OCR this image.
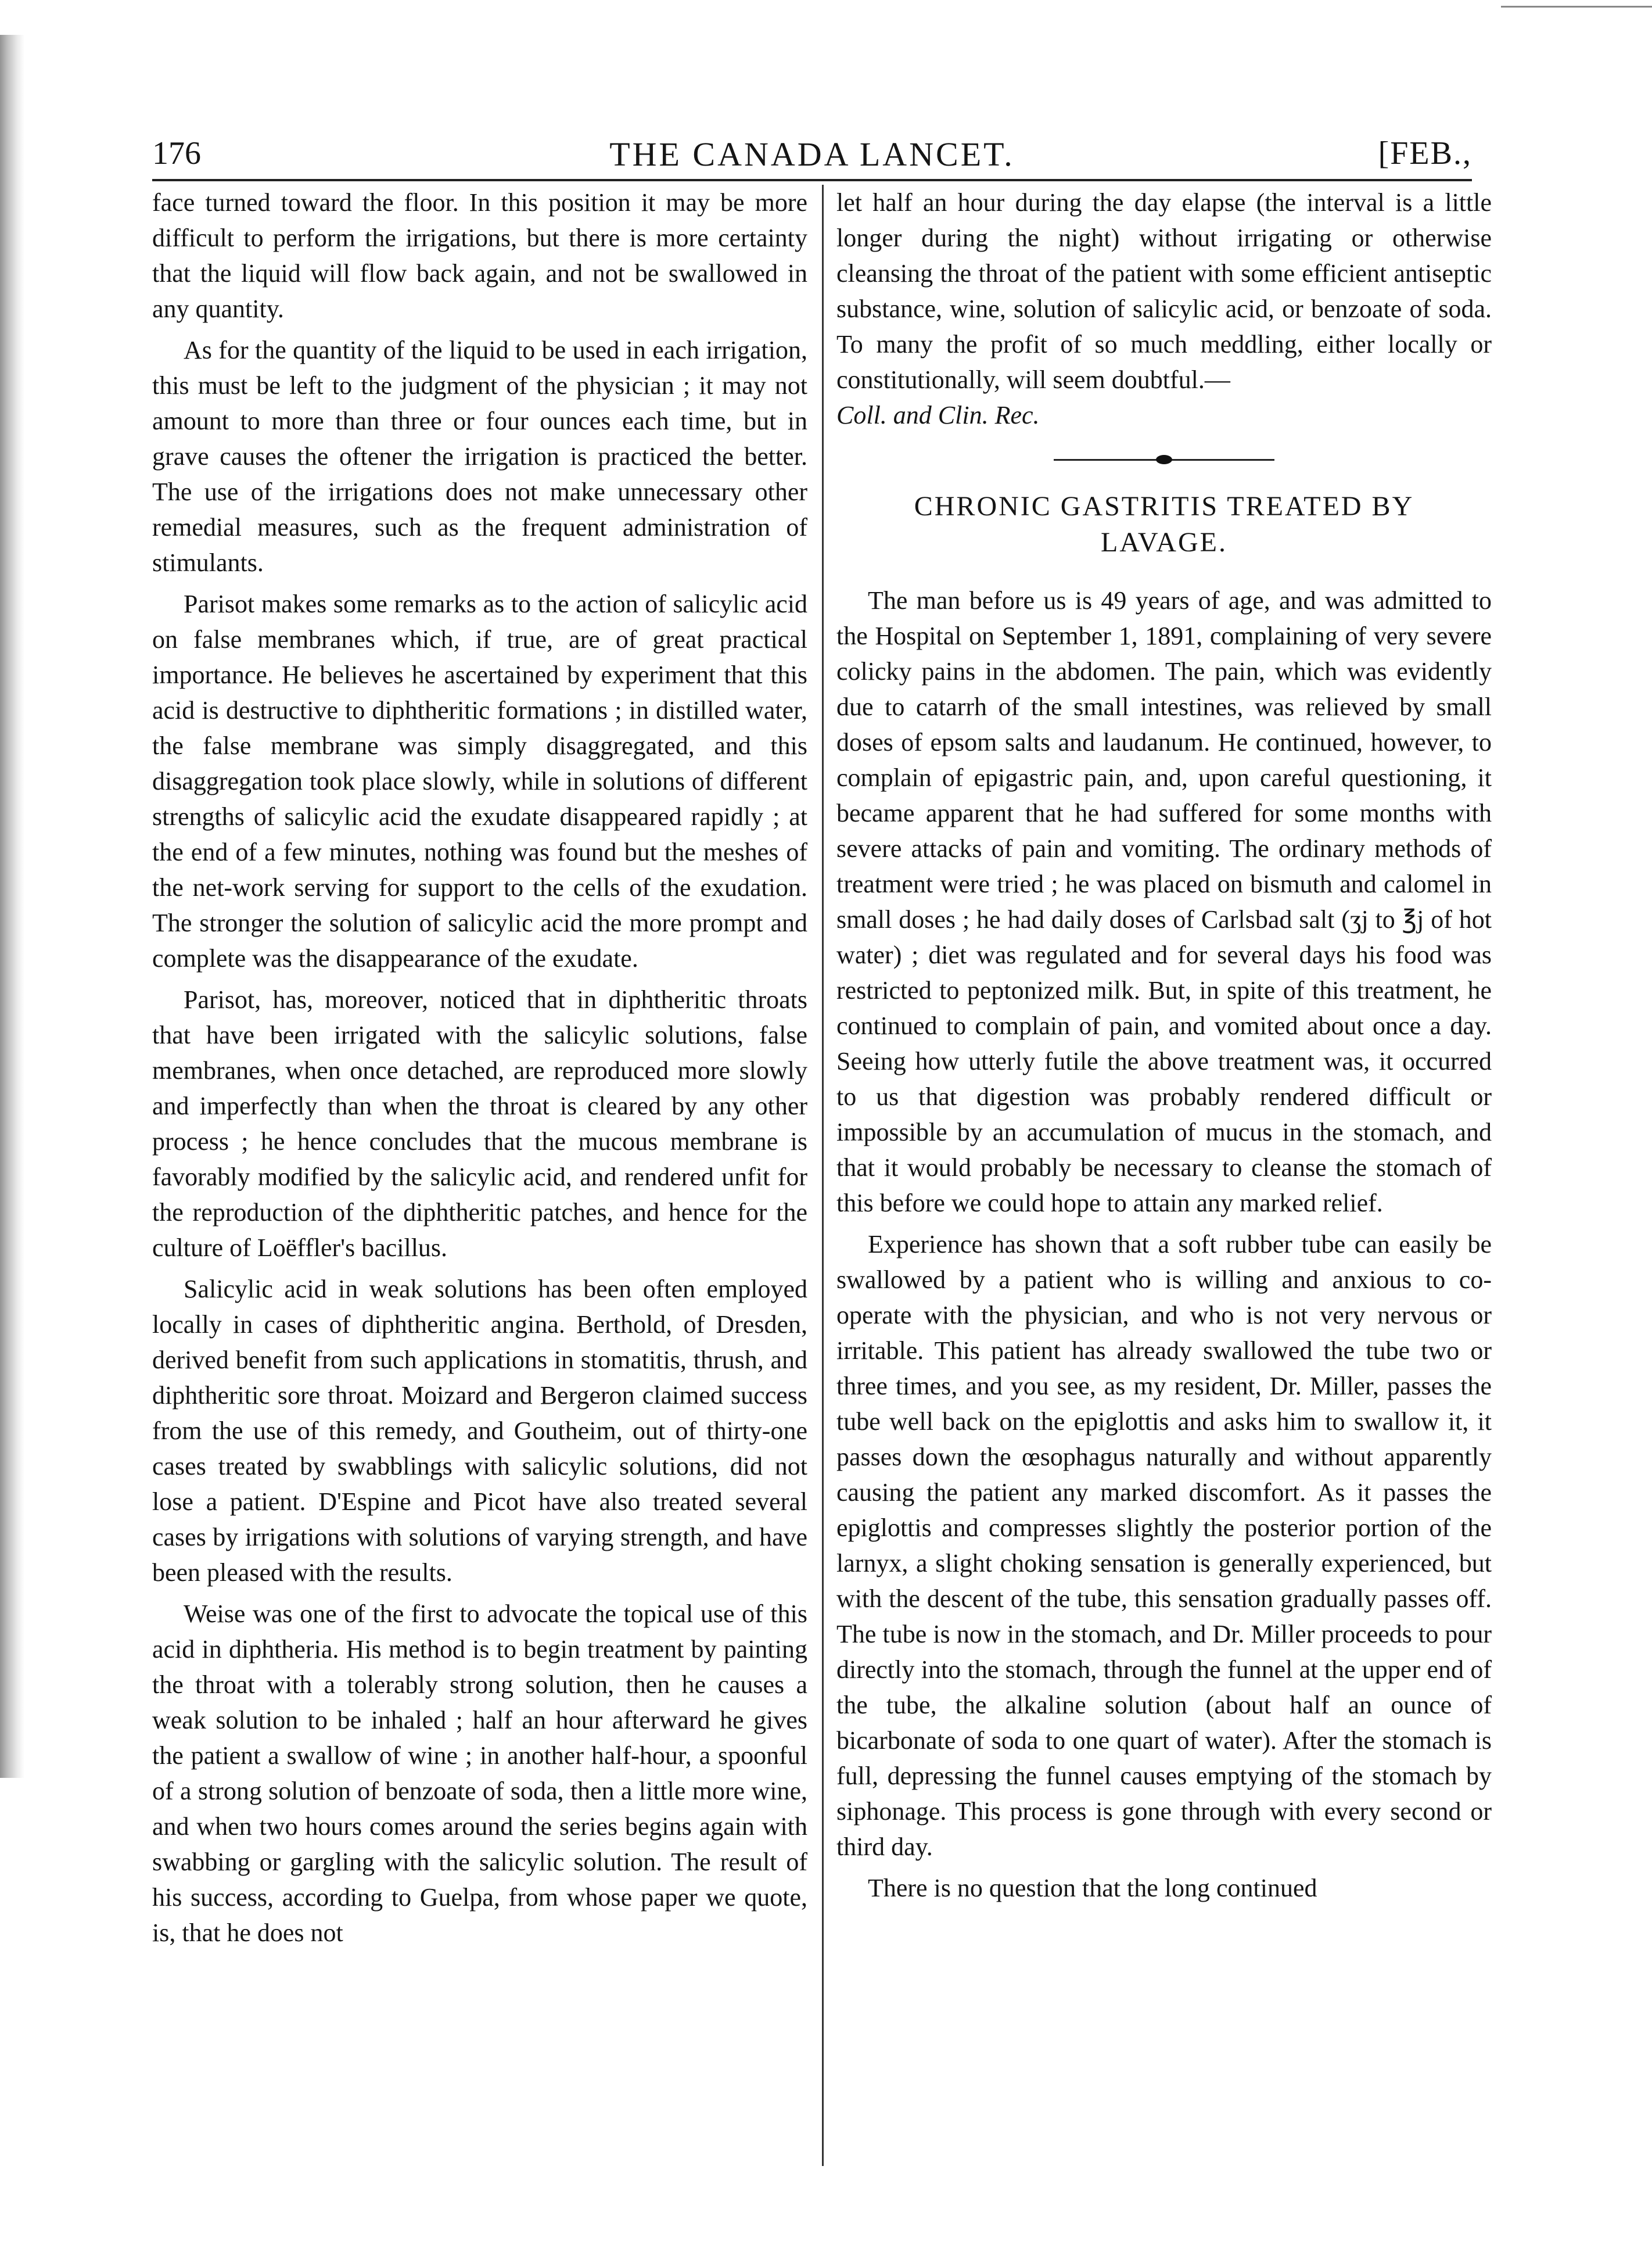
176	THE CANADA LANCET.	[FEB.,

face turned toward the floor. In this position it may be more difficult to perform the irrigations, but there is more certainty that the liquid will flow back again, and not be swallowed in any quantity.

As for the quantity of the liquid to be used in each irrigation, this must be left to the judgment of the physician ; it may not amount to more than three or four ounces each time, but in grave causes the oftener the irrigation is practiced the better. The use of the irrigations does not make unnecessary other remedial measures, such as the frequent administration of stimulants.

Parisot makes some remarks as to the action of salicylic acid on false membranes which, if true, are of great practical importance. He believes he ascertained by experiment that this acid is destructive to diphtheritic formations ; in distilled water, the false membrane was simply disaggregated, and this disaggregation took place slowly, while in solutions of different strengths of salicylic acid the exudate disappeared rapidly ; at the end of a few minutes, nothing was found but the meshes of the net-work serving for support to the cells of the exudation. The stronger the solution of salicylic acid the more prompt and complete was the disappearance of the exudate.

Parisot, has, moreover, noticed that in diphtheritic throats that have been irrigated with the salicylic solutions, false membranes, when once detached, are reproduced more slowly and imperfectly than when the throat is cleared by any other process ; he hence concludes that the mucous membrane is favorably modified by the salicylic acid, and rendered unfit for the reproduction of the diphtheritic patches, and hence for the culture of Loëffler's bacillus.

Salicylic acid in weak solutions has been often employed locally in cases of diphtheritic angina. Berthold, of Dresden, derived benefit from such applications in stomatitis, thrush, and diphtheritic sore throat. Moizard and Bergeron claimed success from the use of this remedy, and Goutheim, out of thirty-one cases treated by swabblings with salicylic solutions, did not lose a patient. D'Espine and Picot have also treated several cases by irrigations with solutions of varying strength, and have been pleased with the results.

Weise was one of the first to advocate the topical use of this acid in diphtheria. His method is to begin treatment by painting the throat with a tolerably strong solution, then he causes a weak solution to be inhaled ; half an hour afterward he gives the patient a swallow of wine ; in another half-hour, a spoonful of a strong solution of benzoate of soda, then a little more wine, and when two hours comes around the series begins again with swabbing or gargling with the salicylic solution. The result of his success, according to Guelpa, from whose paper we quote, is, that he does not

let half an hour during the day elapse (the interval is a little longer during the night) without irrigating or otherwise cleansing the throat of the patient with some efficient antiseptic substance, wine, solution of salicylic acid, or benzoate of soda. To many the profit of so much meddling, either locally or constitutionally, will seem doubtful.—
Coll. and Clin. Rec.

CHRONIC GASTRITIS TREATED BY LAVAGE.

The man before us is 49 years of age, and was admitted to the Hospital on September 1, 1891, complaining of very severe colicky pains in the abdomen. The pain, which was evidently due to catarrh of the small intestines, was relieved by small doses of epsom salts and laudanum. He continued, however, to complain of epigastric pain, and, upon careful questioning, it became apparent that he had suffered for some months with severe attacks of pain and vomiting. The ordinary methods of treatment were tried ; he was placed on bismuth and calomel in small doses ; he had daily doses of Carlsbad salt (ʒj to ℥j of hot water) ; diet was regulated and for several days his food was restricted to peptonized milk. But, in spite of this treatment, he continued to complain of pain, and vomited about once a day. Seeing how utterly futile the above treatment was, it occurred to us that digestion was probably rendered difficult or impossible by an accumulation of mucus in the stomach, and that it would probably be necessary to cleanse the stomach of this before we could hope to attain any marked relief.

Experience has shown that a soft rubber tube can easily be swallowed by a patient who is willing and anxious to co-operate with the physician, and who is not very nervous or irritable. This patient has already swallowed the tube two or three times, and you see, as my resident, Dr. Miller, passes the tube well back on the epiglottis and asks him to swallow it, it passes down the œsophagus naturally and without apparently causing the patient any marked discomfort. As it passes the epiglottis and compresses slightly the posterior portion of the larnyx, a slight choking sensation is generally experienced, but with the descent of the tube, this sensation gradually passes off. The tube is now in the stomach, and Dr. Miller proceeds to pour directly into the stomach, through the funnel at the upper end of the tube, the alkaline solution (about half an ounce of bicarbonate of soda to one quart of water). After the stomach is full, depressing the funnel causes emptying of the stomach by siphonage. This process is gone through with every second or third day.

There is no question that the long continued
